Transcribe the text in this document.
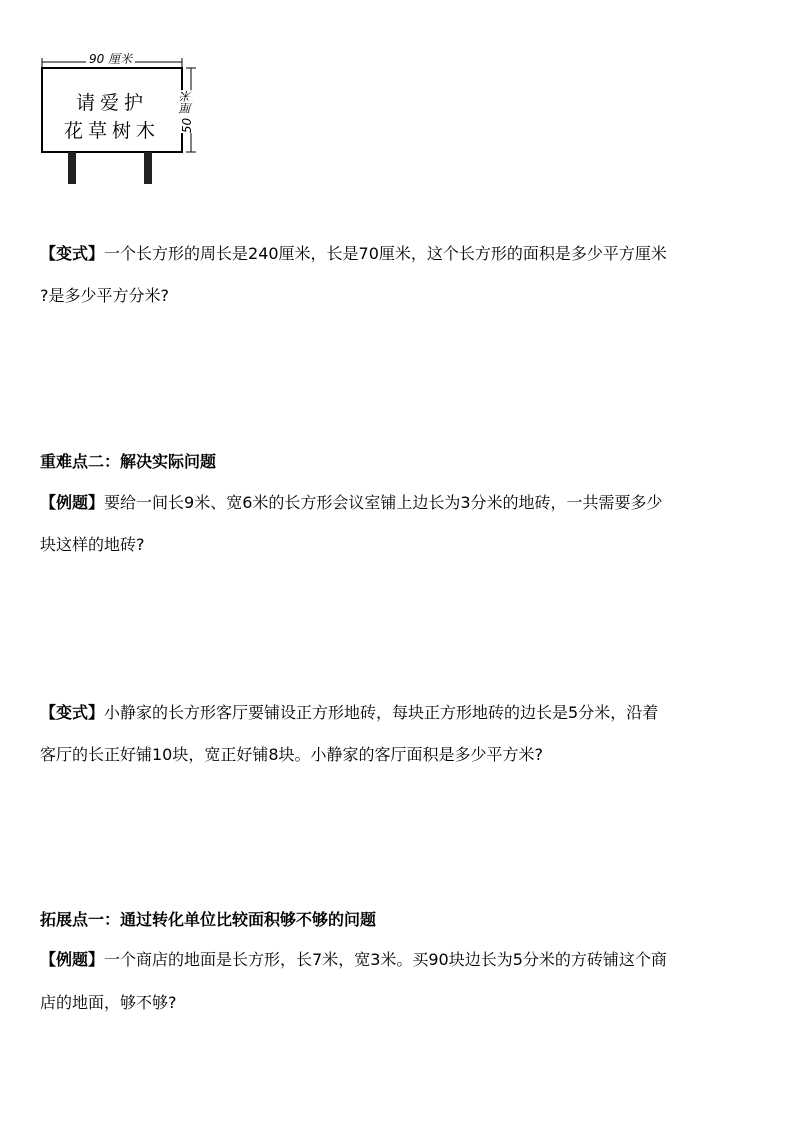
90 厘米
50 厘米
请爱护
花草树木
【变式】一个长方形的周长是240厘米，长是70厘米，这个长方形的面积是多少平方厘米
?是多少平方分米?
重难点二：解决实际问题
【例题】要给一间长9米、宽6米的长方形会议室铺上边长为3分米的地砖，一共需要多少
块这样的地砖?
【变式】小静家的长方形客厅要铺设正方形地砖，每块正方形地砖的边长是5分米，沿着
客厅的长正好铺10块，宽正好铺8块。小静家的客厅面积是多少平方米?
拓展点一：通过转化单位比较面积够不够的问题
【例题】一个商店的地面是长方形，长7米，宽3米。买90块边长为5分米的方砖铺这个商
店的地面，够不够?
